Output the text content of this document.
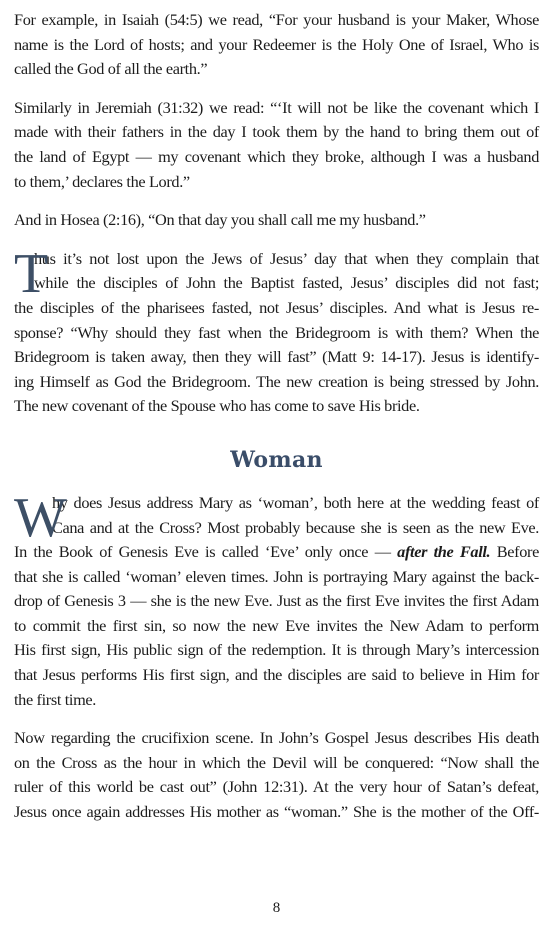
For example, in Isaiah (54:5) we read, “For your husband is your Maker, Whose
name is the Lord of hosts; and your Redeemer is the Holy One of Israel, Who is
called the God of all the earth.”

Similarly in Jeremiah (31:32) we read: “‘It will not be like the covenant which I
made with their fathers in the day I took them by the hand to bring them out of
the land of Egypt — my covenant which they broke, although I was a husband
to them,’ declares the Lord.”

And in Hosea (2:16), “On that day you shall call me my husband.”

T
hus it’s not lost upon the Jews of Jesus’ day that when they complain that
while the disciples of John the Baptist fasted, Jesus’ disciples did not fast;
the disciples of the pharisees fasted, not Jesus’ disciples. And what is Jesus re-
sponse? “Why should they fast when the Bridegroom is with them? When the
Bridegroom is taken away, then they will fast” (Matt 9: 14-17). Jesus is identify-
ing Himself as God the Bridegroom. The new creation is being stressed by John.
The new covenant of the Spouse who has come to save His bride.

Woman

W
hy does Jesus address Mary as ‘woman’, both here at the wedding feast of
Cana and at the Cross? Most probably because she is seen as the new Eve.
In the Book of Genesis Eve is called ‘Eve’ only once — after the Fall. Before
that she is called ‘woman’ eleven times. John is portraying Mary against the back-
drop of Genesis 3 — she is the new Eve. Just as the first Eve invites the first Adam
to commit the first sin, so now the new Eve invites the New Adam to perform
His first sign, His public sign of the redemption. It is through Mary’s intercession
that Jesus performs His first sign, and the disciples are said to believe in Him for
the first time.

Now regarding the crucifixion scene. In John’s Gospel Jesus describes His death
on the Cross as the hour in which the Devil will be conquered: “Now shall the
ruler of this world be cast out” (John 12:31). At the very hour of Satan’s defeat,
Jesus once again addresses His mother as “woman.” She is the mother of the Off-

8
